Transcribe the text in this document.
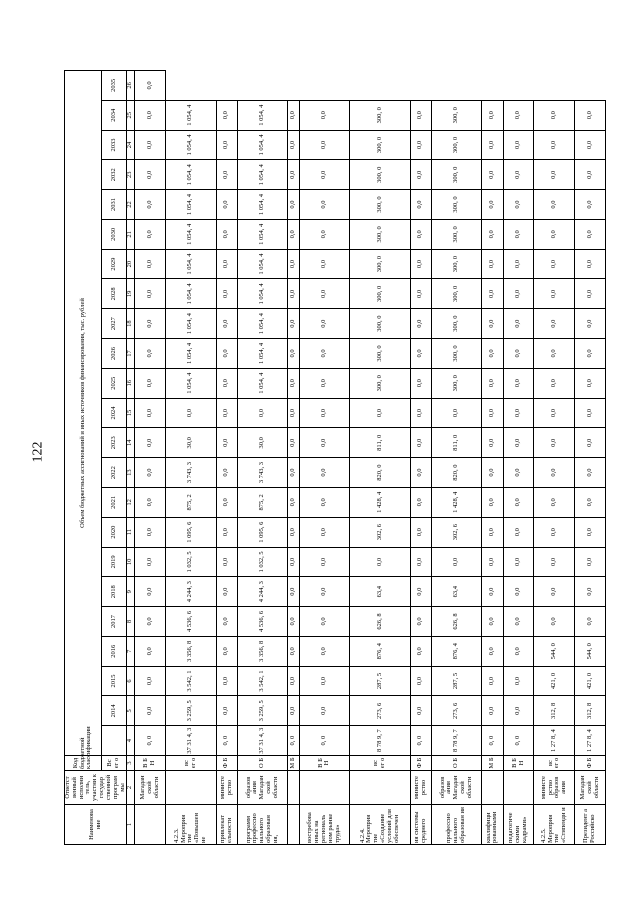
122
Наименова ние	Ответст венный исполни тель, участни к государ ственной програм мы	Код бюджетной классификации	Объем бюджетных ассигнований и иных источников финансирования, тыс. рублей																						
		Вс ег о		2014	2015	2016	2017	2018	2019	2020	2021	2022	2023	2024	2025	2026	2027	2028	2029	2030	2031	2032	2033	2034	2035
1	2	3	4	5	6	7	8	9	10	11	12	13	14	15	16	17	18	19	20	21	22	23	24	25	26
	Магадан ской области	В Б Н	0, 0	0,0	0,0	0,0	0,0	0,0	0,0	0,0	0,0	0,0	0,0	0,0	0,0	0,0	0,0	0,0	0,0	0,0	0,0	0,0	0,0	0,0	0,0
4.2.3. Мероприя тие «Повышен ие		вс ег о	37 31 4, 3	3 259, 5	3 542, 1	3 356, 8	4 536, 6	4 244, 3	1 032, 5	1 095, 6	875, 2	3 743, 3	30,0	0,0	1 054, 4	1 054, 4	1 054, 4	1 054, 4	1 054, 4	1 054, 4	1 054, 4	1 054, 4	1 054, 4	1 054, 4	
привлекат ельности	министе рство	Ф Б	0, 0	0,0	0,0	0,0	0,0	0,0	0,0	0,0	0,0	0,0	0,0	0,0	0,0	0,0	0,0	0,0	0,0	0,0	0,0	0,0	0,0	0,0	
программ профессио нального образован ия,	образов ания Магадан ской области	О Б	37 31 4, 3	3 259, 5	3 542, 1	3 356, 8	4 536, 6	4 244, 3	1 032, 5	1 095, 6	875, 2	3 743, 3	30,0	0,0	1 054, 4	1 054, 4	1 054, 4	1 054, 4	1 054, 4	1 054, 4	1 054, 4	1 054, 4	1 054, 4	1 054, 4	
		М Б	0, 0	0,0	0,0	0,0	0,0	0,0	0,0	0,0	0,0	0,0	0,0	0,0	0,0	0,0	0,0	0,0	0,0	0,0	0,0	0,0	0,0	0,0	
востребова нных на региональ ном рынке труда»		В Б Н	0, 0	0,0	0,0	0,0	0,0	0,0	0,0	0,0	0,0	0,0	0,0	0,0	0,0	0,0	0,0	0,0	0,0	0,0	0,0	0,0	0,0	0,0	
4.2.4. Мероприя тие «Создание условий для обеспечен		вс ег о	8 78 9, 7	273, 6	287, 5	876, 4	626, 8	63,4	0,0	302, 6	1 428, 4	820, 0	811, 0	0,0	300, 0	300, 0	300, 0	300, 0	300, 0	300, 0	300, 0	300, 0	300, 0	300, 0	
ия системы среднего	министе рство	Ф Б	0, 0	0,0	0,0	0,0	0,0	0,0	0,0	0,0	0,0	0,0	0,0	0,0	0,0	0,0	0,0	0,0	0,0	0,0	0,0	0,0	0,0	0,0	
профессио нального образован ия	образов ания Магадан ской области	О Б	8 78 9, 7	273, 6	287, 5	876, 4	626, 8	63,4	0,0	302, 6	1 428, 4	820, 0	811, 0	0,0	300, 0	300, 0	300, 0	300, 0	300, 0	300, 0	300, 0	300, 0	300, 0	300, 0	
квалифици рованными		М Б	0, 0	0,0	0,0	0,0	0,0	0,0	0,0	0,0	0,0	0,0	0,0	0,0	0,0	0,0	0,0	0,0	0,0	0,0	0,0	0,0	0,0	0,0	
педагогиче скими кадрами»		В Б Н	0, 0	0,0	0,0	0,0	0,0	0,0	0,0	0,0	0,0	0,0	0,0	0,0	0,0	0,0	0,0	0,0	0,0	0,0	0,0	0,0	0,0	0,0	
4.2.5. Мероприя тие «Стипенди и	министе рство образов ания	вс ег о	1 27 8, 4	312, 8	421, 0	544, 0	0,0	0,0	0,0	0,0	0,0	0,0	0,0	0,0	0,0	0,0	0,0	0,0	0,0	0,0	0,0	0,0	0,0	0,0	
Президент а Российско	Магадан ской области	Ф Б	1 27 8, 4	312, 8	421, 0	544, 0	0,0	0,0	0,0	0,0	0,0	0,0	0,0	0,0	0,0	0,0	0,0	0,0	0,0	0,0	0,0	0,0	0,0	0,0	
